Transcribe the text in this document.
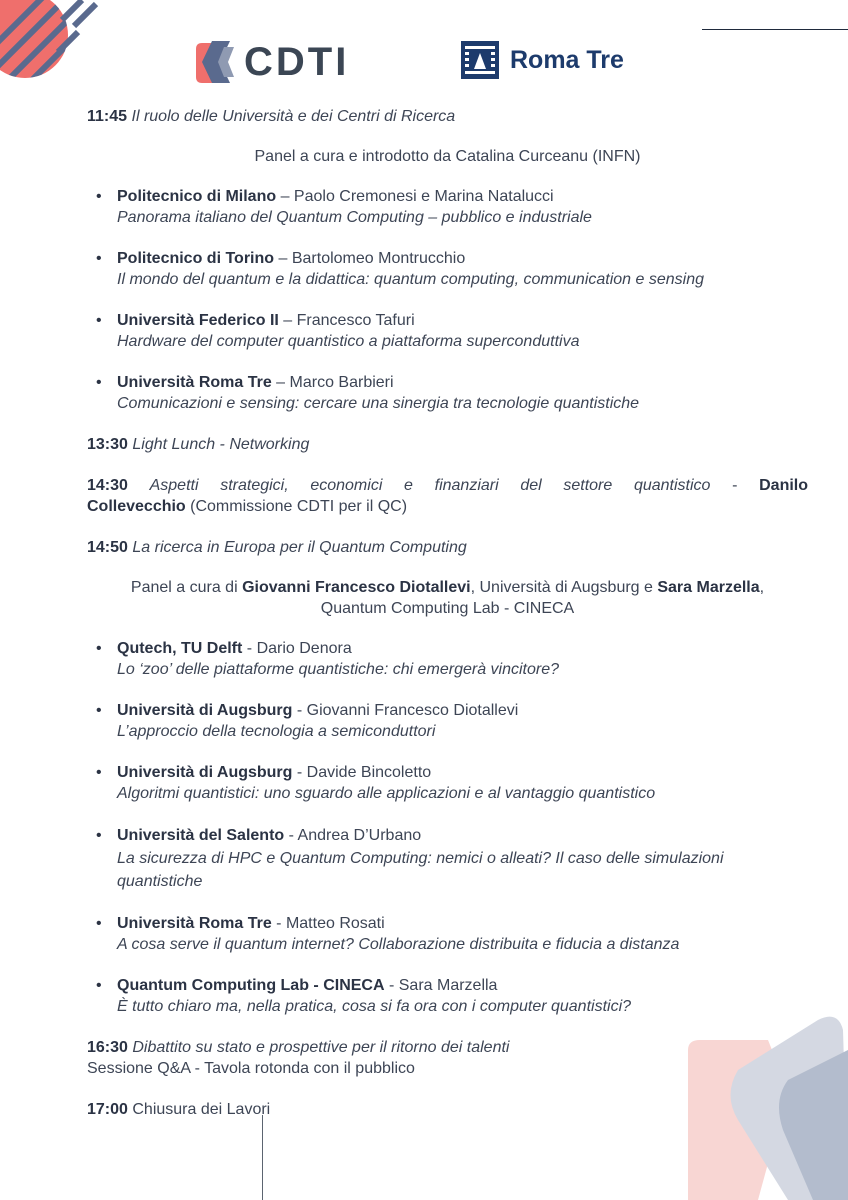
CDTI	Roma Tre
11:45 Il ruolo delle Università e dei Centri di Ricerca
Panel a cura e introdotto da Catalina Curceanu (INFN)
• Politecnico di Milano – Paolo Cremonesi e Marina Natalucci
Panorama italiano del Quantum Computing – pubblico e industriale
• Politecnico di Torino – Bartolomeo Montrucchio
Il mondo del quantum e la didattica: quantum computing, communication e sensing
• Università Federico II – Francesco Tafuri
Hardware del computer quantistico a piattaforma superconduttiva
• Università Roma Tre – Marco Barbieri
Comunicazioni e sensing: cercare una sinergia tra tecnologie quantistiche
13:30 Light Lunch - Networking
14:30 Aspetti strategici, economici e finanziari del settore quantistico - Danilo
Collevecchio (Commissione CDTI per il QC)
14:50 La ricerca in Europa per il Quantum Computing
Panel a cura di Giovanni Francesco Diotallevi, Università di Augsburg e Sara Marzella,
Quantum Computing Lab - CINECA
• Qutech, TU Delft - Dario Denora
Lo ‘zoo’ delle piattaforme quantistiche: chi emergerà vincitore?
• Università di Augsburg - Giovanni Francesco Diotallevi
L’approccio della tecnologia a semiconduttori
• Università di Augsburg - Davide Bincoletto
Algoritmi quantistici: uno sguardo alle applicazioni e al vantaggio quantistico
• Università del Salento - Andrea D’Urbano
La sicurezza di HPC e Quantum Computing: nemici o alleati? Il caso delle simulazioni quantistiche
• Università Roma Tre - Matteo Rosati
A cosa serve il quantum internet? Collaborazione distribuita e fiducia a distanza
• Quantum Computing Lab - CINECA - Sara Marzella
È tutto chiaro ma, nella pratica, cosa si fa ora con i computer quantistici?
16:30 Dibattito su stato e prospettive per il ritorno dei talenti
Sessione Q&A - Tavola rotonda con il pubblico
17:00 Chiusura dei Lavori
